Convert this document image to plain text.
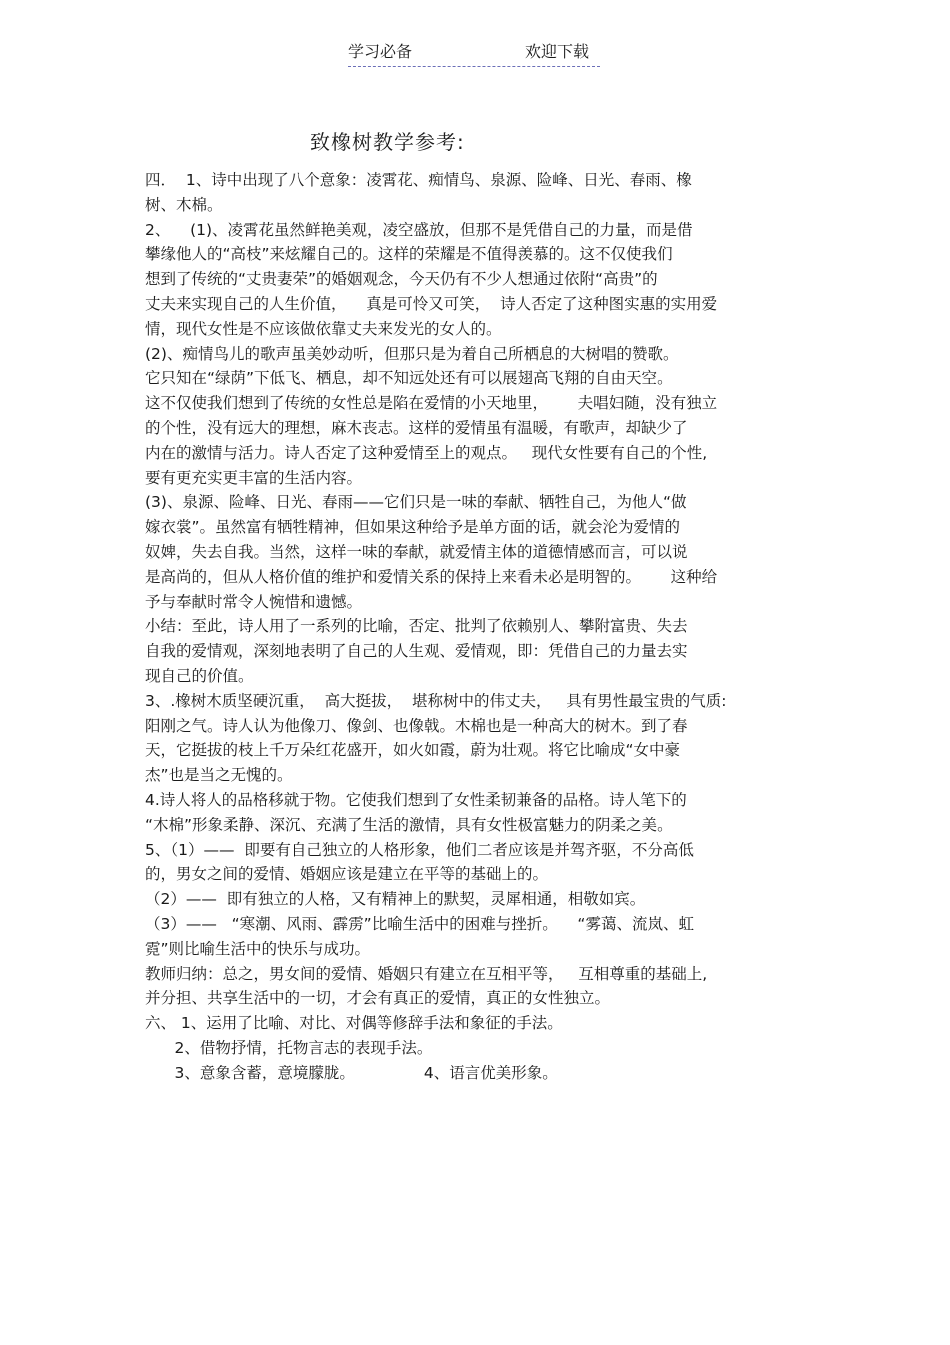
学习必备	欢迎下载
致橡树教学参考:
四．  1、诗中出现了八个意象：凌霄花、痴情鸟、泉源、险峰、日光、春雨、橡
树、木棉。
2、    (1)、凌霄花虽然鲜艳美观，凌空盛放，但那不是凭借自己的力量，而是借
攀缘他人的“高枝”来炫耀自己的。这样的荣耀是不值得羡慕的。这不仅使我们
想到了传统的“丈贵妻荣”的婚姻观念，今天仍有不少人想通过依附“高贵”的
丈夫来实现自己的人生价值，    真是可怜又可笑，  诗人否定了这种图实惠的实用爱
情，现代女性是不应该做依靠丈夫来发光的女人的。
(2)、痴情鸟儿的歌声虽美妙动听，但那只是为着自己所栖息的大树唱的赞歌。
它只知在“绿荫”下低飞、栖息，却不知远处还有可以展翅高飞翔的自由天空。
这不仅使我们想到了传统的女性总是陷在爱情的小天地里，      夫唱妇随，没有独立
的个性，没有远大的理想，麻木丧志。这样的爱情虽有温暖，有歌声，却缺少了
内在的激情与活力。诗人否定了这种爱情至上的观点。   现代女性要有自己的个性,
要有更充实更丰富的生活内容。
(3)、泉源、险峰、日光、春雨——它们只是一味的奉献、牺牲自己，为他人“做
嫁衣裳”。虽然富有牺牲精神，但如果这种给予是单方面的话，就会沦为爱情的
奴婢，失去自我。当然，这样一味的奉献，就爱情主体的道德情感而言，可以说
是高尚的，但从人格价值的维护和爱情关系的保持上来看未必是明智的。      这种给
予与奉献时常令人惋惜和遗憾。
小结：至此，诗人用了一系列的比喻，否定、批判了依赖别人、攀附富贵、失去
自我的爱情观，深刻地表明了自己的人生观、爱情观，即：凭借自己的力量去实
现自己的价值。
3、.橡树木质坚硬沉重，  高大挺拔，  堪称树中的伟丈夫，   具有男性最宝贵的气质:
阳刚之气。诗人认为他像刀、像剑、也像戟。木棉也是一种高大的树木。到了春
天，它挺拔的枝上千万朵红花盛开，如火如霞，蔚为壮观。将它比喻成“女中豪
杰”也是当之无愧的。
4.诗人将人的品格移就于物。它使我们想到了女性柔韧兼备的品格。诗人笔下的
“木棉”形象柔静、深沉、充满了生活的激情，具有女性极富魅力的阴柔之美。
5、（1）——  即要有自己独立的人格形象，他们二者应该是并驾齐驱，不分高低
的，男女之间的爱情、婚姻应该是建立在平等的基础上的。
（2）——  即有独立的人格，又有精神上的默契，灵犀相通，相敬如宾。
（3）——   “寒潮、风雨、霹雳”比喻生活中的困难与挫折。    “雾蔼、流岚、虹
霓”则比喻生活中的快乐与成功。
教师归纳：总之，男女间的爱情、婚姻只有建立在互相平等，   互相尊重的基础上,
并分担、共享生活中的一切，才会有真正的爱情，真正的女性独立。
六、 1、运用了比喻、对比、对偶等修辞手法和象征的手法。
2、借物抒情，托物言志的表现手法。
3、意象含蓄，意境朦胧。              4、语言优美形象。
